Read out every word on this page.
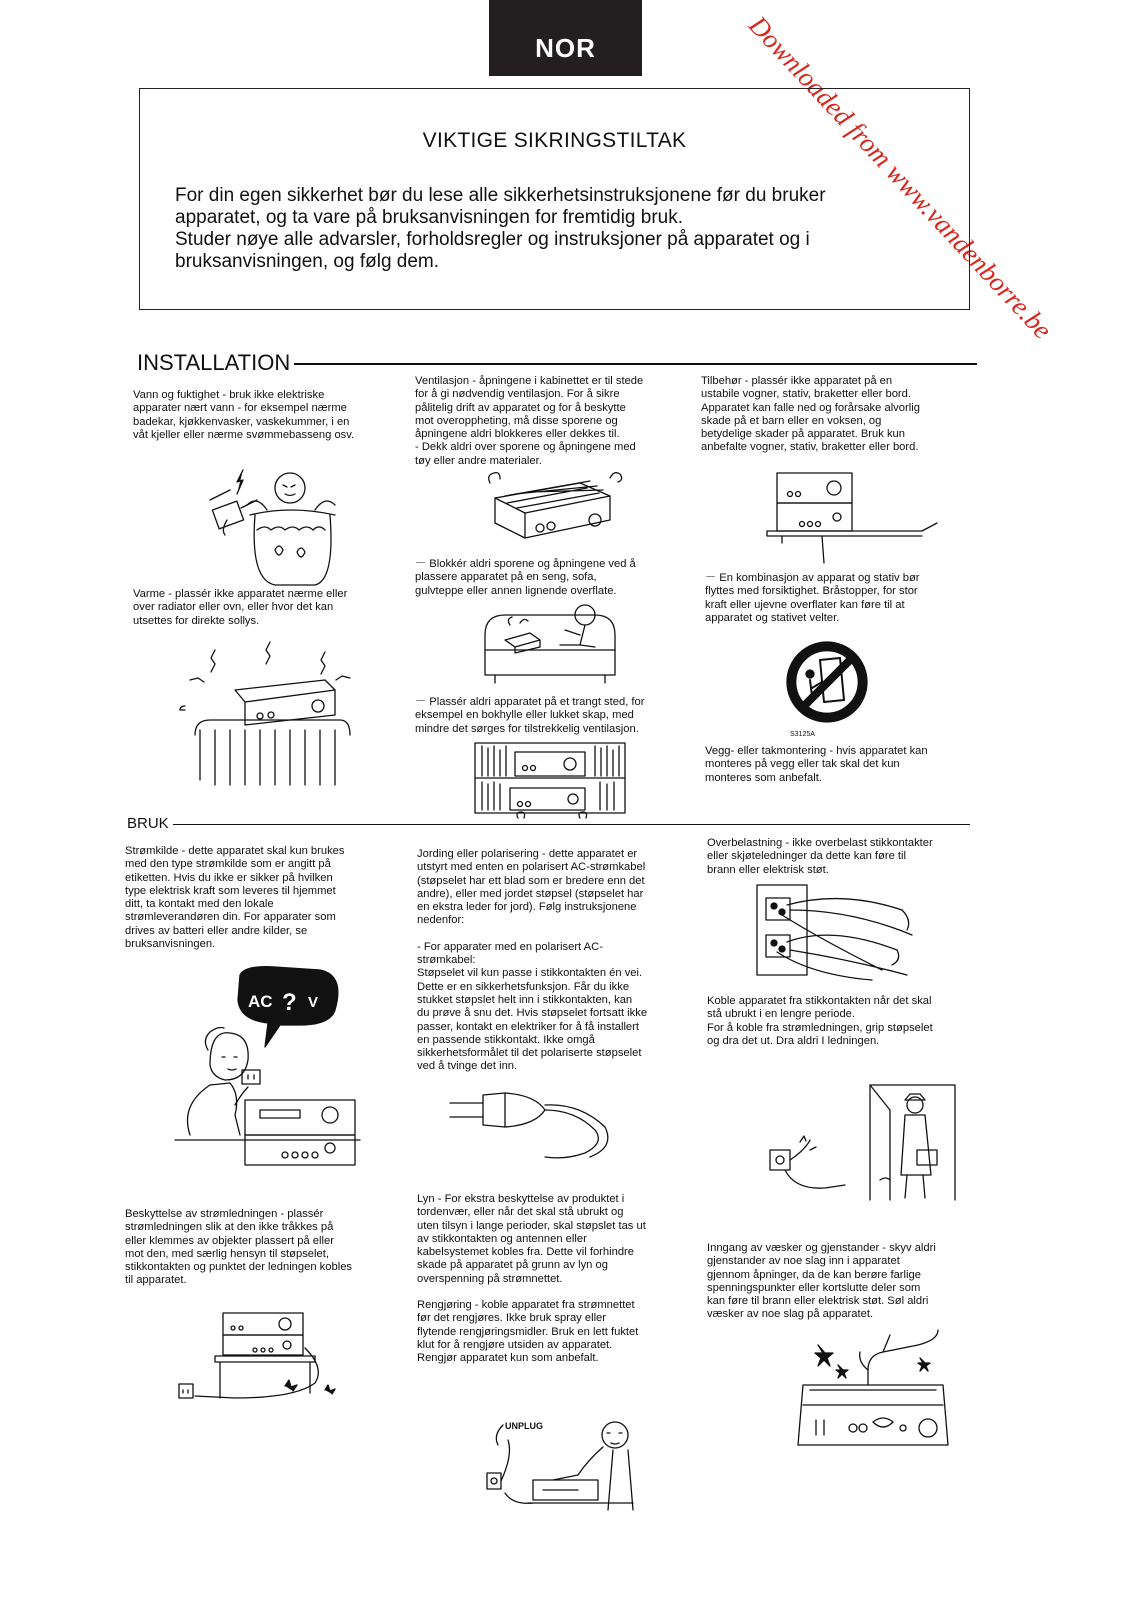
NOR	Downloaded from www.vandenborre.be
VIKTIGE SIKRINGSTILTAK
For din egen sikkerhet bør du lese alle sikkerhetsinstruksjonene før du bruker
apparatet, og ta vare på bruksanvisningen for fremtidig bruk.
Studer nøye alle advarsler, forholdsregler og instruksjoner på apparatet og i
bruksanvisningen, og følg dem.
INSTALLATION

Vann og fuktighet - bruk ikke elektriske

apparater nært vann - for eksempel nærme

badekar, kjøkkenvasker, vaskekummer, i en

våt kjeller eller nærme svømmebasseng osv.

Varme - plassér ikke apparatet nærme eller

over radiator eller ovn, eller hvor det kan

utsettes for direkte sollys.

Ventilasjon - åpningene i kabinettet er til stede

for å gi nødvendig ventilasjon. For å sikre

pålitelig drift av apparatet og for å beskytte

mot overoppheting, må disse sporene og

åpningene aldri blokkeres eller dekkes til.

- Dekk aldri over sporene og åpningene med

tøy eller andre materialer.

－ Blokkér aldri sporene og åpningene ved å

plassere apparatet på en seng, sofa,

gulvteppe eller annen lignende overflate.

－ Plassér aldri apparatet på et trangt sted, for

eksempel en bokhylle eller lukket skap, med

mindre det sørges for tilstrekkelig ventilasjon.

Tilbehør - plassér ikke apparatet på en

ustabile vogner, stativ, braketter eller bord.

Apparatet kan falle ned og forårsake alvorlig

skade på et barn eller en voksen, og

betydelige skader på apparatet. Bruk kun

anbefalte vogner, stativ, braketter eller bord.

－ En kombinasjon av apparat og stativ bør

flyttes med forsiktighet. Bråstopper, for stor

kraft eller ujevne overflater kan føre til at

apparatet og stativet velter.

S3125A

Vegg- eller takmontering - hvis apparatet kan

monteres på vegg eller tak skal det kun

monteres som anbefalt.

BRUK

Strømkilde - dette apparatet skal kun brukes

med den type strømkilde som er angitt på

etiketten. Hvis du ikke er sikker på hvilken

type elektrisk kraft som leveres til hjemmet

ditt, ta kontakt med den lokale

strømleverandøren din. For apparater som

drives av batteri eller andre kilder, se

bruksanvisningen.

AC ? V

Beskyttelse av strømledningen - plassér

strømledningen slik at den ikke tråkkes på

eller klemmes av objekter plassert på eller

mot den, med særlig hensyn til støpselet,

stikkontakten og punktet der ledningen kobles

til apparatet.

Jording eller polarisering - dette apparatet er

utstyrt med enten en polarisert AC-strømkabel

(støpselet har ett blad som er bredere enn det

andre), eller med jordet støpsel (støpselet har

en ekstra leder for jord). Følg instruksjonene

nedenfor:

- For apparater med en polarisert AC-

strømkabel:

Støpselet vil kun passe i stikkontakten én vei.

Dette er en sikkerhetsfunksjon. Får du ikke

stukket støpslet helt inn i stikkontakten, kan

du prøve å snu det. Hvis støpselet fortsatt ikke

passer, kontakt en elektriker for å få installert

en passende stikkontakt. Ikke omgå

sikkerhetsformålet til det polariserte støpselet

ved å tvinge det inn.

Lyn - For ekstra beskyttelse av produktet i

tordenvær, eller når det skal stå ubrukt og

uten tilsyn i lange perioder, skal støpslet tas ut

av stikkontakten og antennen eller

kabelsystemet kobles fra. Dette vil forhindre

skade på apparatet på grunn av lyn og

overspenning på strømnettet.

Rengjøring - koble apparatet fra strømnettet

før det rengjøres. Ikke bruk spray eller

flytende rengjøringsmidler. Bruk en lett fuktet

klut for å rengjøre utsiden av apparatet.

Rengjør apparatet kun som anbefalt.

UNPLUG

Overbelastning - ikke overbelast stikkontakter

eller skjøteledninger da dette kan føre til

brann eller elektrisk støt.

Koble apparatet fra stikkontakten når det skal

stå ubrukt i en lengre periode.

For å koble fra strømledningen, grip støpselet

og dra det ut. Dra aldri I ledningen.

Inngang av væsker og gjenstander - skyv aldri

gjenstander av noe slag inn i apparatet

gjennom åpninger, da de kan berøre farlige

spenningspunkter eller kortslutte deler som

kan føre til brann eller elektrisk støt. Søl aldri

væsker av noe slag på apparatet.
